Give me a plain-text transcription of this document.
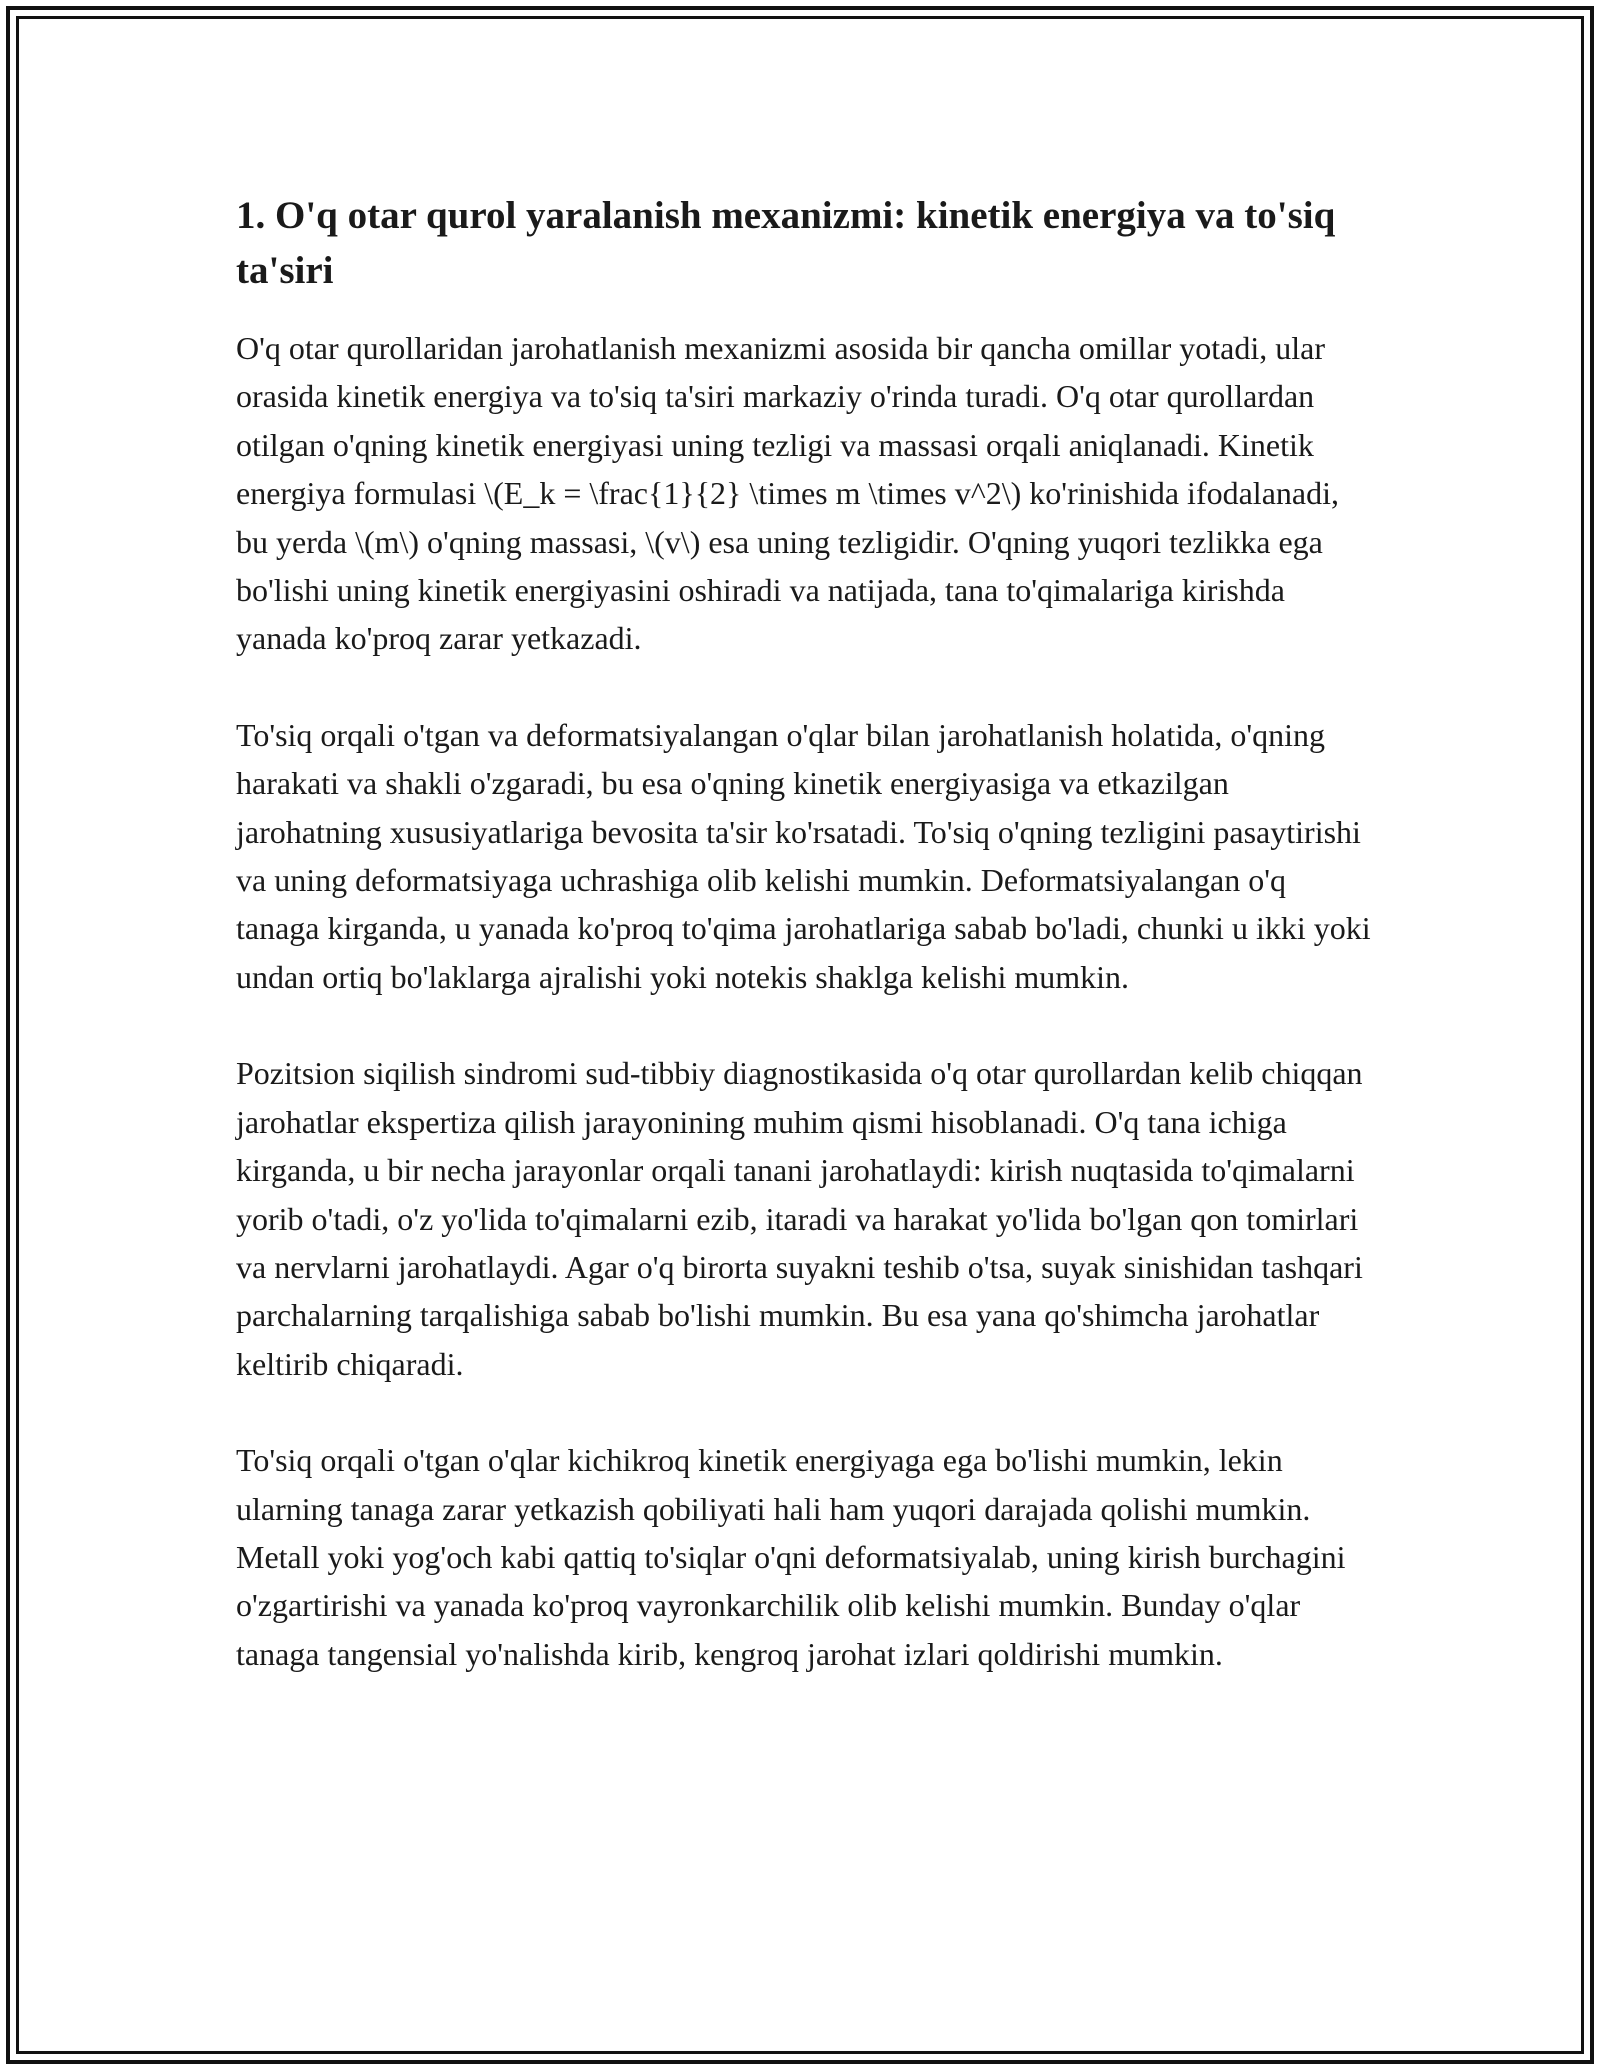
1. O'q otar qurol yaralanish mexanizmi: kinetik energiya va to'siq ta'siri

O'q otar qurollaridan jarohatlanish mexanizmi asosida bir qancha omillar yotadi, ular orasida kinetik energiya va to'siq ta'siri markaziy o'rinda turadi. O'q otar qurollardan otilgan o'qning kinetik energiyasi uning tezligi va massasi orqali aniqlanadi. Kinetik energiya formulasi \(E_k = \frac{1}{2} \times m \times v^2\) ko'rinishida ifodalanadi, bu yerda \(m\) o'qning massasi, \(v\) esa uning tezligidir. O'qning yuqori tezlikka ega bo'lishi uning kinetik energiyasini oshiradi va natijada, tana to'qimalariga kirishda yanada ko'proq zarar yetkazadi.

To'siq orqali o'tgan va deformatsiyalangan o'qlar bilan jarohatlanish holatida, o'qning harakati va shakli o'zgaradi, bu esa o'qning kinetik energiyasiga va etkazilgan jarohatning xususiyatlariga bevosita ta'sir ko'rsatadi. To'siq o'qning tezligini pasaytirishi va uning deformatsiyaga uchrashiga olib kelishi mumkin. Deformatsiyalangan o'q tanaga kirganda, u yanada ko'proq to'qima jarohatlariga sabab bo'ladi, chunki u ikki yoki undan ortiq bo'laklarga ajralishi yoki notekis shaklga kelishi mumkin.

Pozitsion siqilish sindromi sud-tibbiy diagnostikasida o'q otar qurollardan kelib chiqqan jarohatlar ekspertiza qilish jarayonining muhim qismi hisoblanadi. O'q tana ichiga kirganda, u bir necha jarayonlar orqali tanani jarohatlaydi: kirish nuqtasida to'qimalarni yorib o'tadi, o'z yo'lida to'qimalarni ezib, itaradi va harakat yo'lida bo'lgan qon tomirlari va nervlarni jarohatlaydi. Agar o'q birorta suyakni teshib o'tsa, suyak sinishidan tashqari parchalarning tarqalishiga sabab bo'lishi mumkin. Bu esa yana qo'shimcha jarohatlar keltirib chiqaradi.

To'siq orqali o'tgan o'qlar kichikroq kinetik energiyaga ega bo'lishi mumkin, lekin ularning tanaga zarar yetkazish qobiliyati hali ham yuqori darajada qolishi mumkin. Metall yoki yog'och kabi qattiq to'siqlar o'qni deformatsiyalab, uning kirish burchagini o'zgartirishi va yanada ko'proq vayronkarchilik olib kelishi mumkin. Bunday o'qlar tanaga tangensial yo'nalishda kirib, kengroq jarohat izlari qoldirishi mumkin.
